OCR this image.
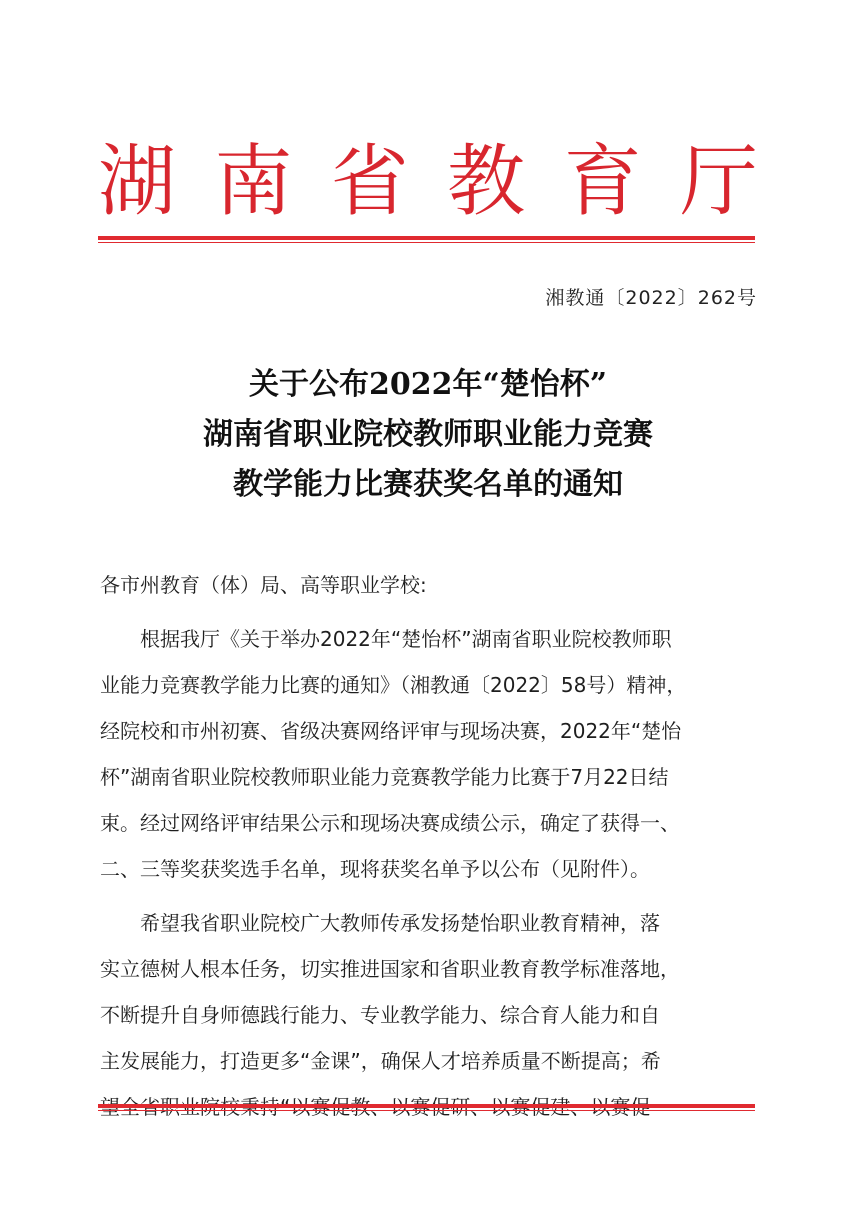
湖 南 省 教 育 厅
湘教通〔2022〕262号
关于公布2022年“楚怡杯”
湖南省职业院校教师职业能力竞赛
教学能力比赛获奖名单的通知

各市州教育（体）局、高等职业学校:

根据我厅《关于举办2022年“楚怡杯”湖南省职业院校教师职
业能力竞赛教学能力比赛的通知》（湘教通〔2022〕58号）精神，
经院校和市州初赛、省级决赛网络评审与现场决赛，2022年“楚怡
杯”湖南省职业院校教师职业能力竞赛教学能力比赛于7月22日结
束。经过网络评审结果公示和现场决赛成绩公示，确定了获得一、
二、三等奖获奖选手名单，现将获奖名单予以公布（见附件）。

希望我省职业院校广大教师传承发扬楚怡职业教育精神，落
实立德树人根本任务，切实推进国家和省职业教育教学标准落地，
不断提升自身师德践行能力、专业教学能力、综合育人能力和自
主发展能力，打造更多“金课”，确保人才培养质量不断提高；希
